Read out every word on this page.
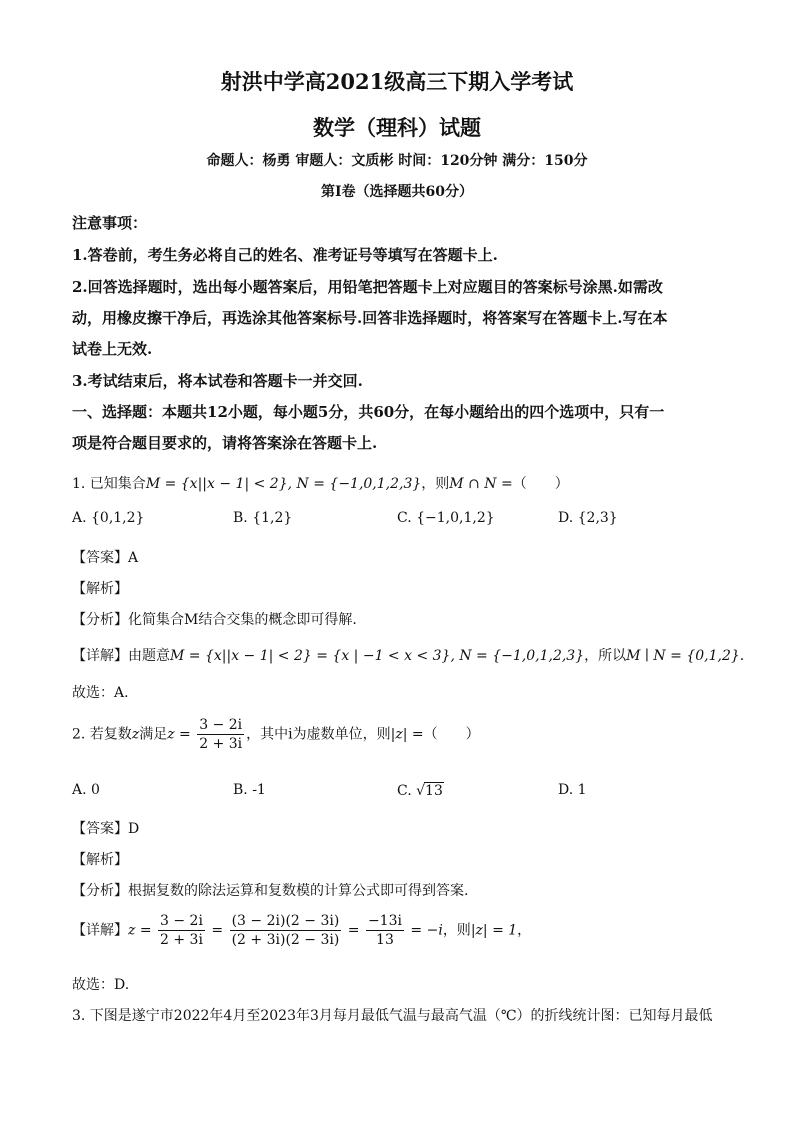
射洪中学高2021级高三下期入学考试
数学（理科）试题
命题人：杨勇 审题人：文质彬 时间：120分钟 满分：150分
第I卷（选择题共60分）
注意事项：
1.答卷前，考生务必将自己的姓名、准考证号等填写在答题卡上.
2.回答选择题时，选出每小题答案后，用铅笔把答题卡上对应题目的答案标号涂黑.如需改
动，用橡皮擦干净后，再选涂其他答案标号.回答非选择题时，将答案写在答题卡上.写在本
试卷上无效.
3.考试结束后，将本试卷和答题卡一并交回.
一、选择题：本题共12小题，每小题5分，共60分，在每小题给出的四个选项中，只有一
项是符合题目要求的，请将答案涂在答题卡上.
1. 已知集合M = {x||x − 1| < 2}, N = {−1,0,1,2,3}，则M ∩ N =（　　）
A. {0,1,2}	B. {1,2}	C. {−1,0,1,2}	D. {2,3}
【答案】A
【解析】
【分析】化简集合M结合交集的概念即可得解.
【详解】由题意M = {x||x − 1| < 2} = {x | −1 < x < 3}, N = {−1,0,1,2,3}，所以M ∣ N = {0,1,2}.
故选：A.
2. 若复数z满足$z = \frac{3 - 2i}{2 + 3i}$ ，其中i为虚数单位，则|z| =（　　）
A. 0	B. -1	C. √13	D. 1
【答案】D
【解析】
【分析】根据复数的除法运算和复数模的计算公式即可得到答案.
【详解】$z = \frac{3 - 2i}{2 + 3i} = \frac{(3 - 2i)(2 - 3i)}{(2 + 3i)(2 - 3i)} = \frac{-13i}{13} = -i$，则|z| = 1，
故选：D.
3. 下图是遂宁市2022年4月至2023年3月每月最低气温与最高气温（℃）的折线统计图：已知每月最低
